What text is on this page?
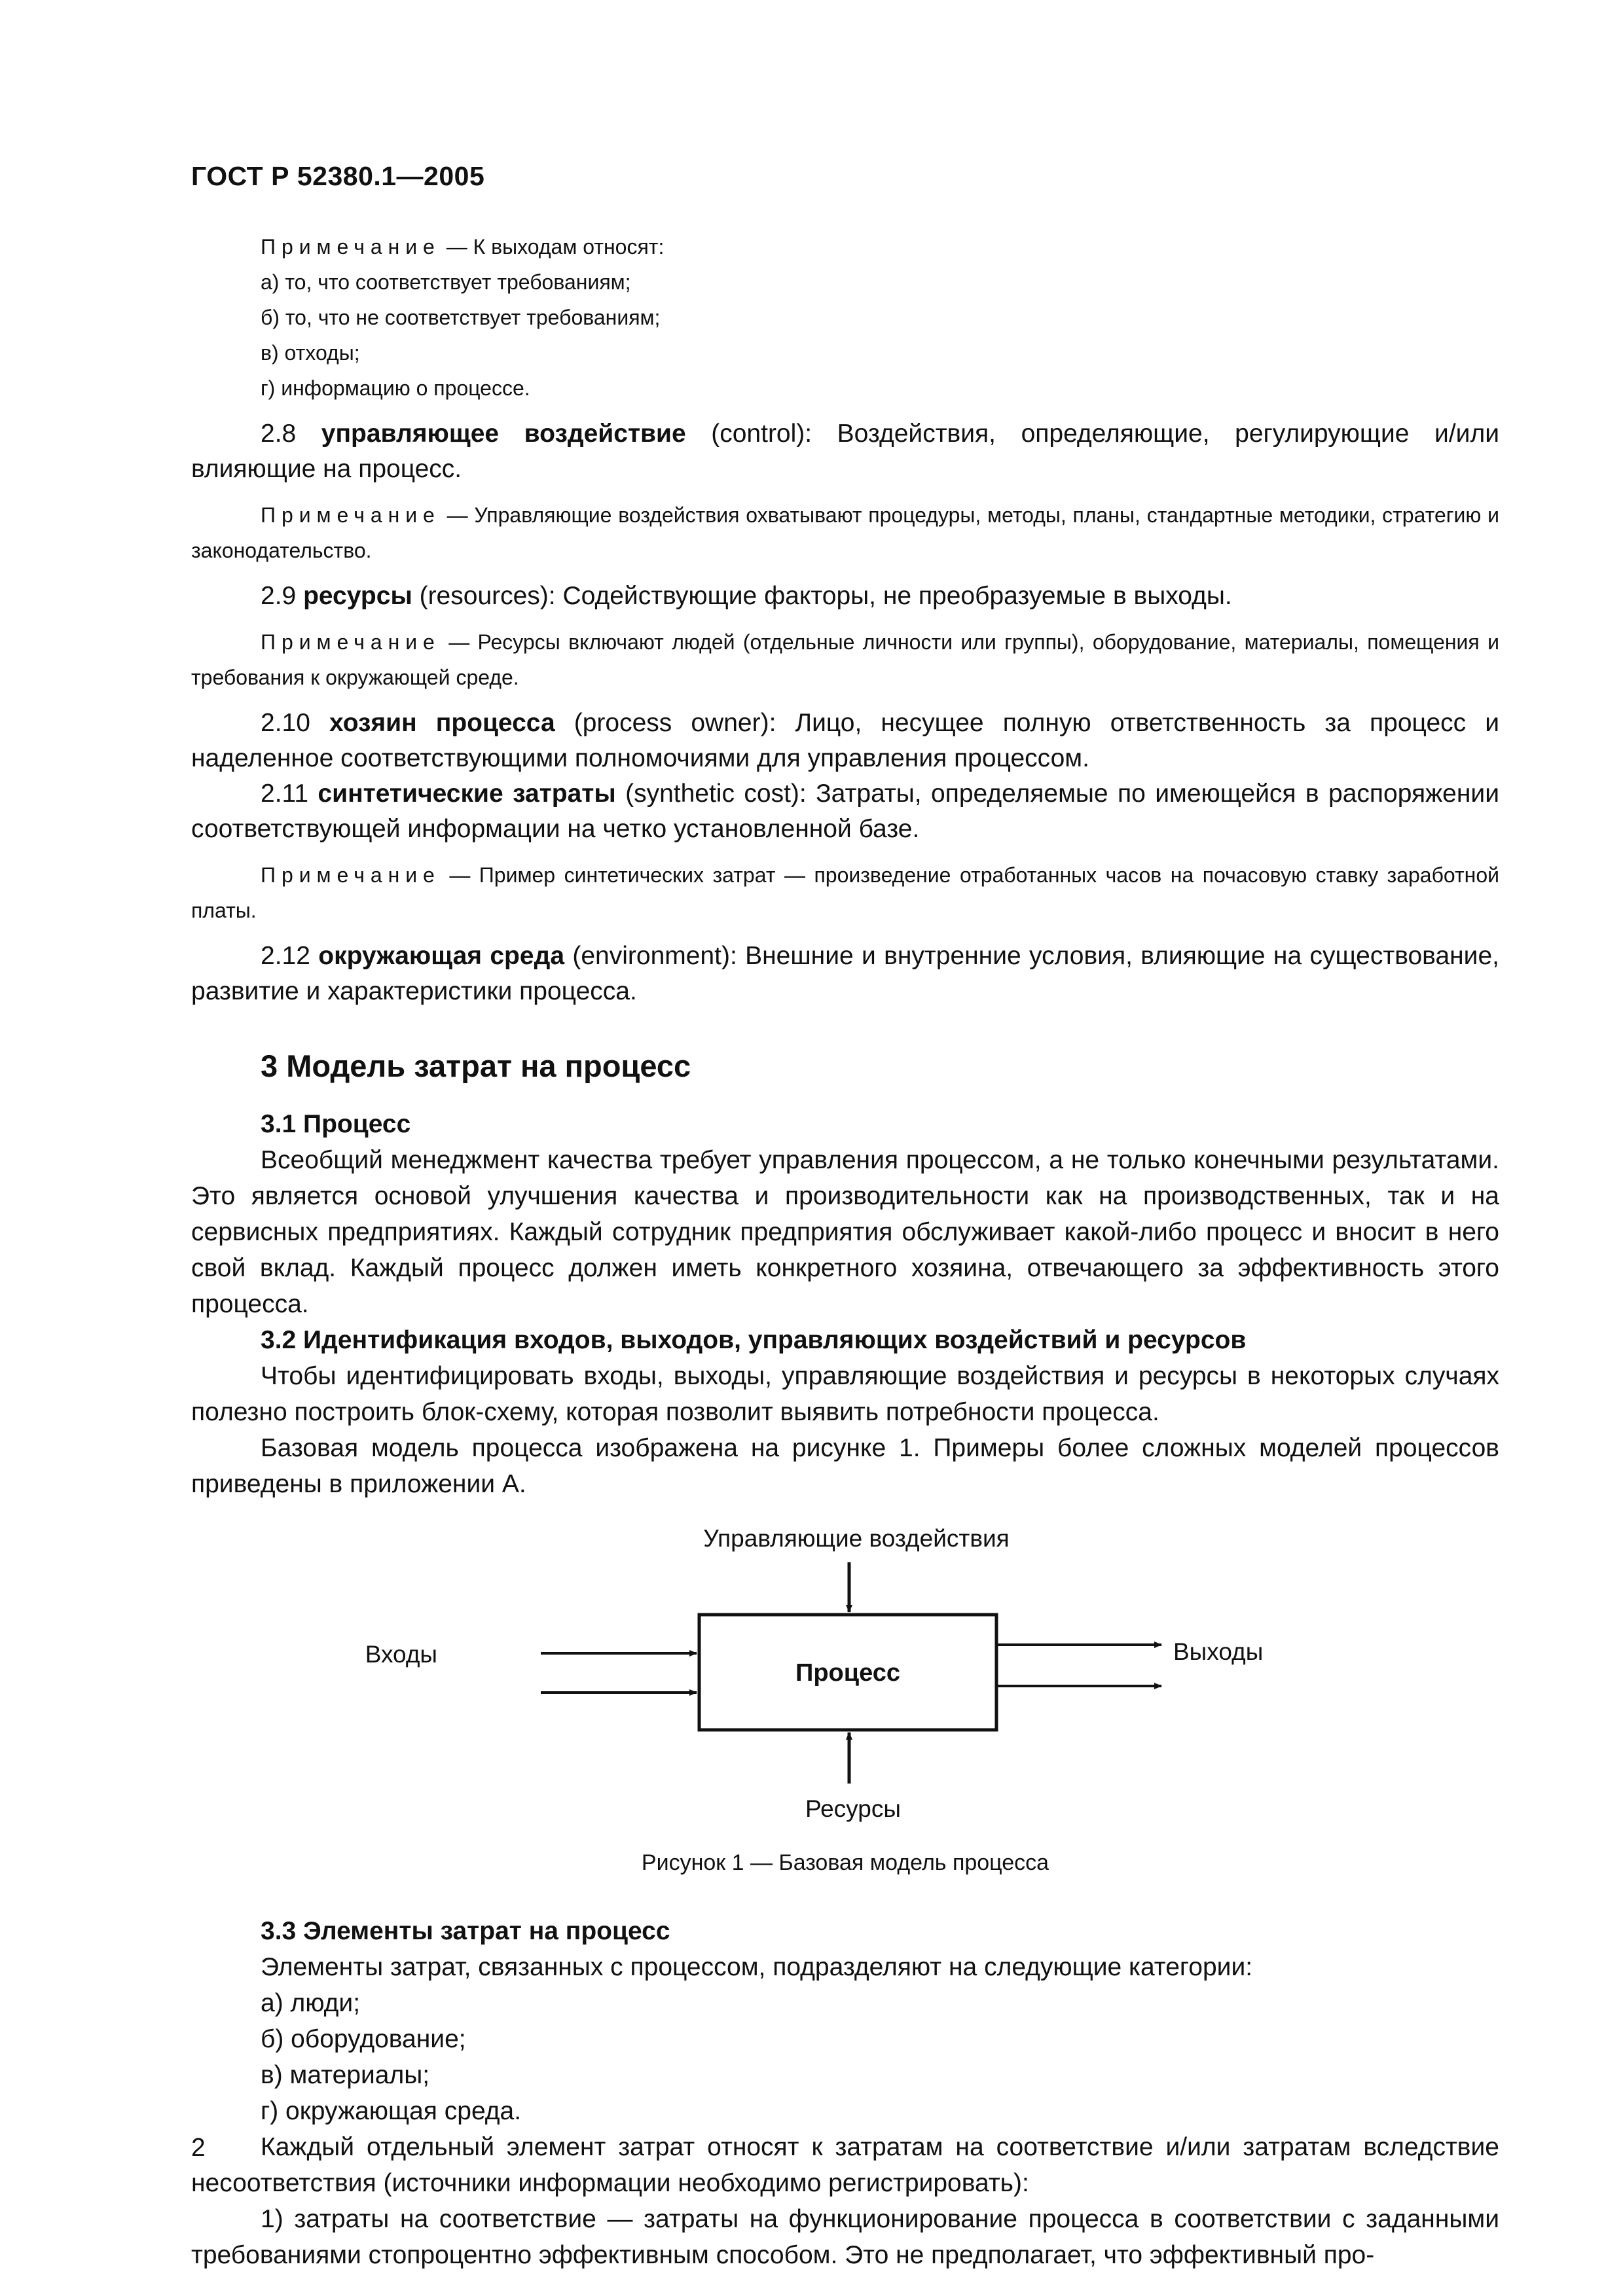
ГОСТ Р 52380.1—2005

Примечание — К выходам относят:

а) то, что соответствует требованиям;
б) то, что не соответствует требованиям;
в) отходы;
г) информацию о процессе.

2.8 управляющее воздействие (control): Воздействия, определяющие, регулирующие и/или влияющие на процесс.

Примечание — Управляющие воздействия охватывают процедуры, методы, планы, стандартные методики, стратегию и законодательство.

2.9 ресурсы (resources): Содействующие факторы, не преобразуемые в выходы.

Примечание — Ресурсы включают людей (отдельные личности или группы), оборудование, материалы, помещения и требования к окружающей среде.

2.10 хозяин процесса (process owner): Лицо, несущее полную ответственность за процесс и наделенное соответствующими полномочиями для управления процессом.

2.11 синтетические затраты (synthetic cost): Затраты, определяемые по имеющейся в распоряжении соответствующей информации на четко установленной базе.

Примечание — Пример синтетических затрат — произведение отработанных часов на почасовую ставку заработной платы.

2.12 окружающая среда (environment): Внешние и внутренние условия, влияющие на существование, развитие и характеристики процесса.

3 Модель затрат на процесс
3.1 Процесс

Всеобщий менеджмент качества требует управления процессом, а не только конечными результатами. Это является основой улучшения качества и производительности как на производственных, так и на сервисных предприятиях. Каждый сотрудник предприятия обслуживает какой-либо процесс и вносит в него свой вклад. Каждый процесс должен иметь конкретного хозяина, отвечающего за эффективность этого процесса.

3.2 Идентификация входов, выходов, управляющих воздействий и ресурсов

Чтобы идентифицировать входы, выходы, управляющие воздействия и ресурсы в некоторых случаях полезно построить блок-схему, которая позволит выявить потребности процесса.

Базовая модель процесса изображена на рисунке 1. Примеры более сложных моделей процессов приведены в приложении А.

Управляющие воздействия
Процесс
Входы	Выходы
Ресурсы

Рисунок 1 — Базовая модель процесса

3.3 Элементы затрат на процесс

Элементы затрат, связанных с процессом, подразделяют на следующие категории:

а) люди;
б) оборудование;
в) материалы;
г) окружающая среда.

Каждый отдельный элемент затрат относят к затратам на соответствие и/или затратам вследствие несоответствия (источники информации необходимо регистрировать):

1) затраты на соответствие — затраты на функционирование процесса в соответствии с заданными требованиями стопроцентно эффективным способом. Это не предполагает, что эффективный про-

2
